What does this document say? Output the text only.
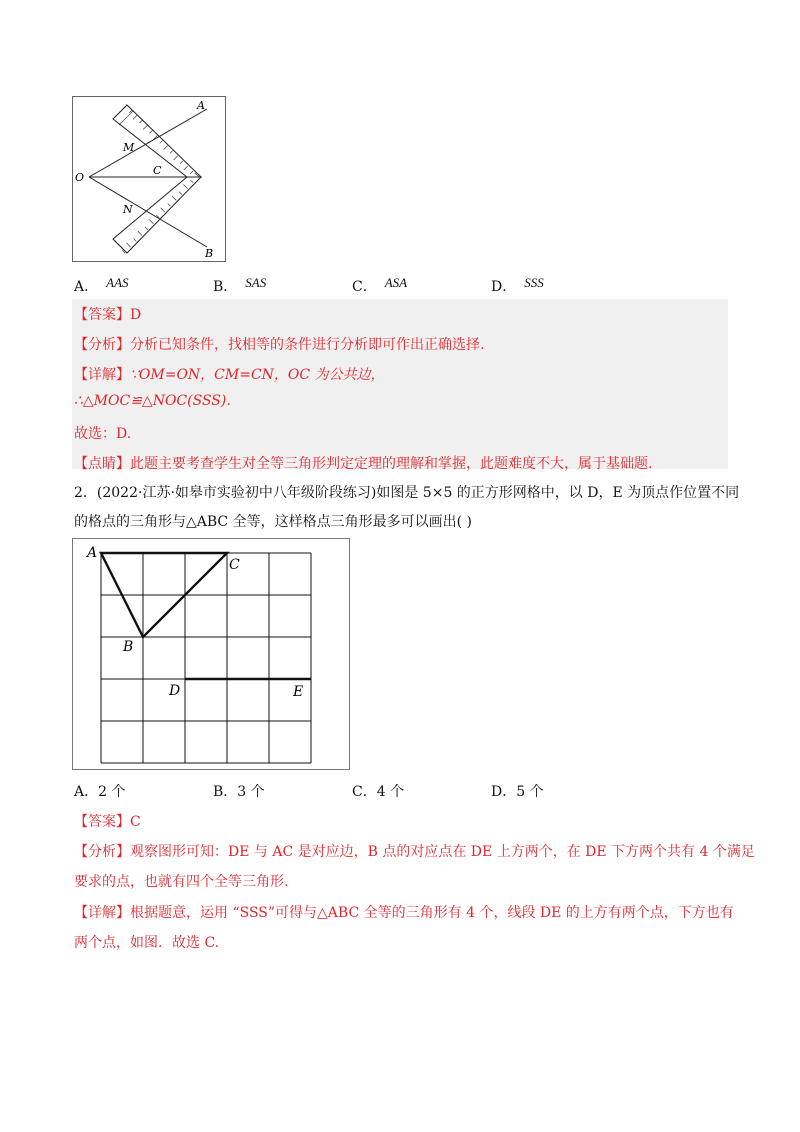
A
B
O
M
N
C
A． AAS	B． SAS	C． ASA	D． SSS
【答案】D
【分析】分析已知条件，找相等的条件进行分析即可作出正确选择.
【详解】∵OM=ON，CM=CN，OC 为公共边，
∴△MOC≌△NOC(SSS).
故选：D.
【点睛】此题主要考查学生对全等三角形判定定理的理解和掌握，此题难度不大，属于基础题.
2．(2022·江苏·如皋市实验初中八年级阶段练习)如图是 5×5 的正方形网格中，以 D，E 为顶点作位置不同
的格点的三角形与△ABC 全等，这样格点三角形最多可以画出( )
A
C
B
D	E
A．2 个	B．3 个	C．4 个	D．5 个
【答案】C
【分析】观察图形可知：DE 与 AC 是对应边，B 点的对应点在 DE 上方两个，在 DE 下方两个共有 4 个满足
要求的点，也就有四个全等三角形.
【详解】根据题意，运用 “SSS”可得与△ABC 全等的三角形有 4 个，线段 DE 的上方有两个点，下方也有
两个点，如图．故选 C.
